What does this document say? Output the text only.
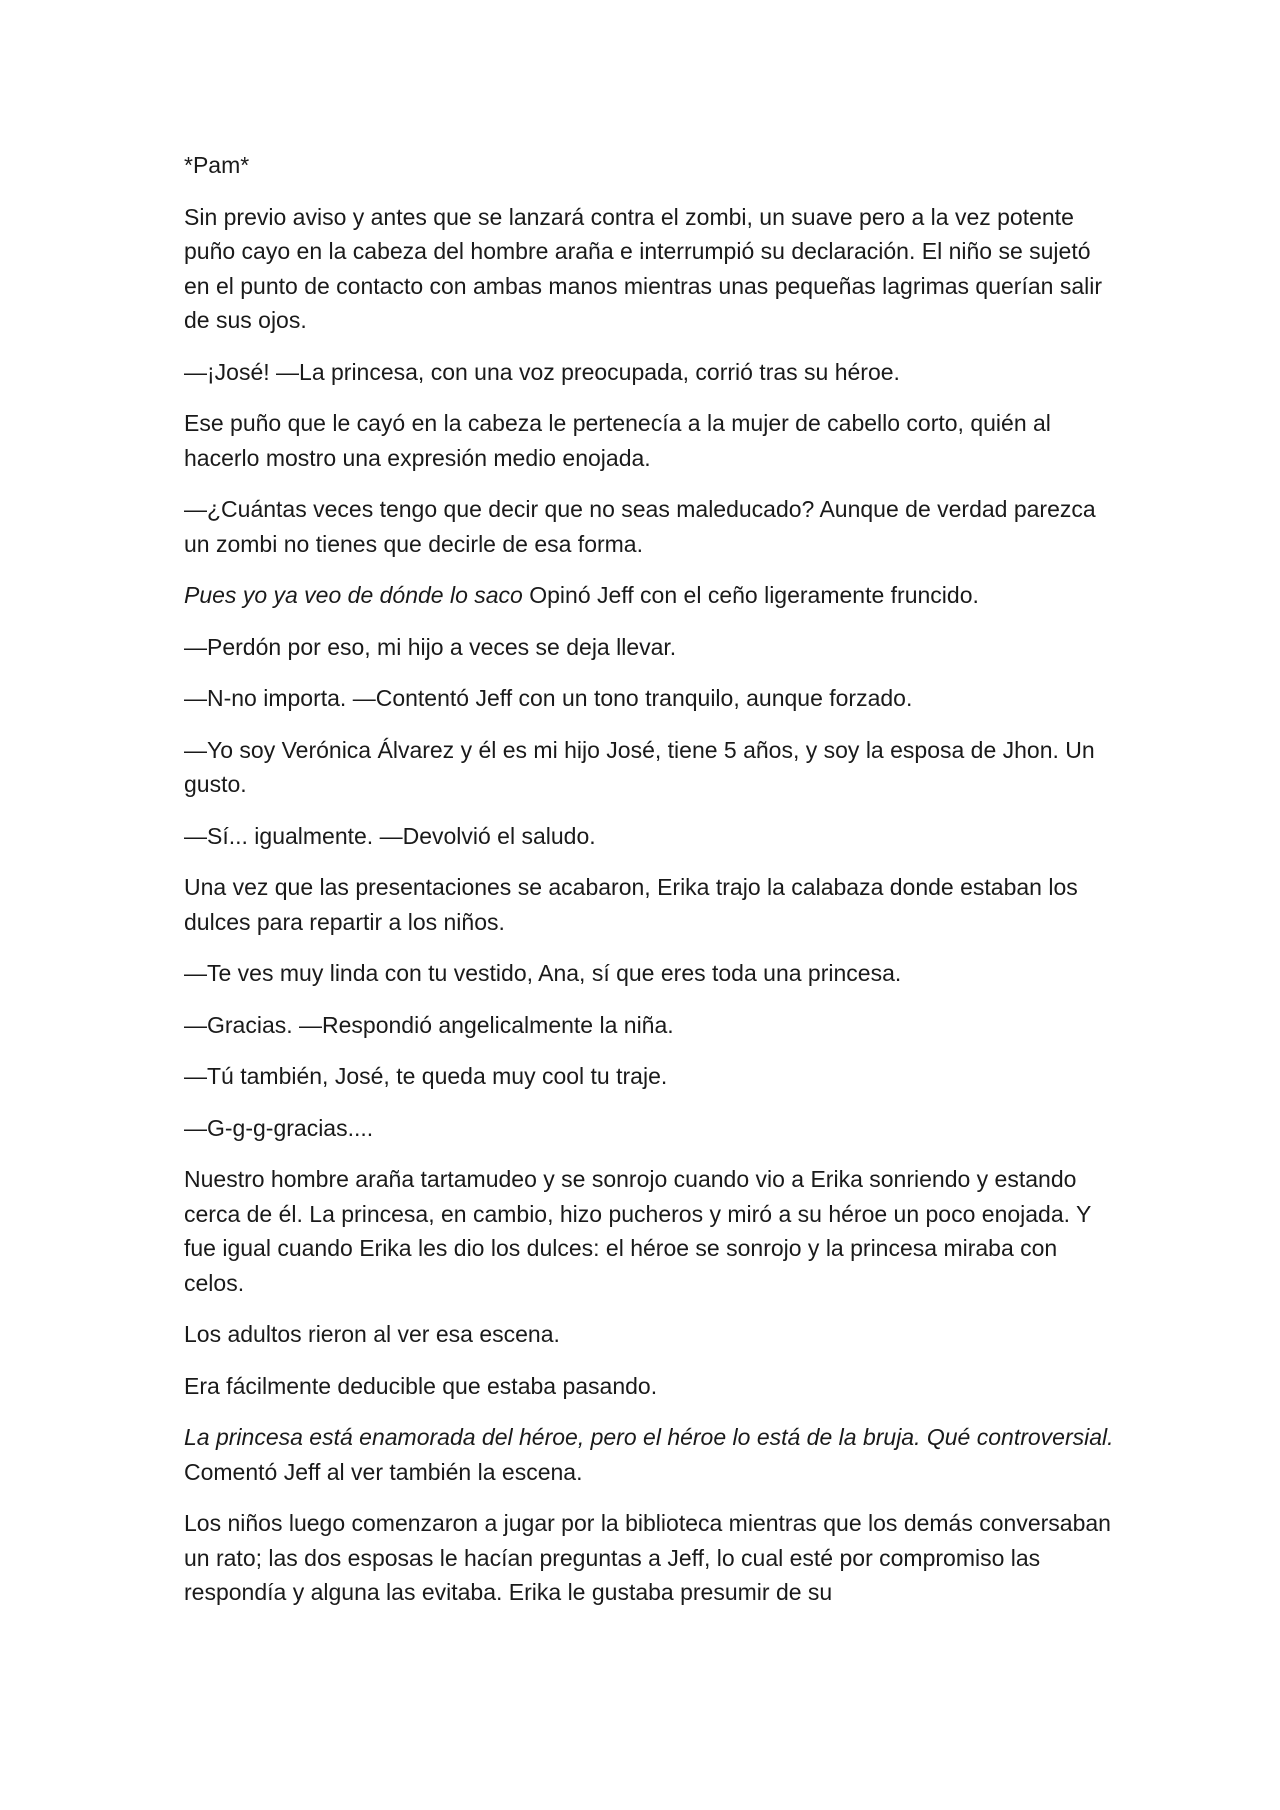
*Pam*

Sin previo aviso y antes que se lanzará contra el zombi, un suave pero a la vez potente puño cayo en la cabeza del hombre araña e interrumpió su declaración. El niño se sujetó en el punto de contacto con ambas manos mientras unas pequeñas lagrimas querían salir de sus ojos.

—¡José! —La princesa, con una voz preocupada, corrió tras su héroe.

Ese puño que le cayó en la cabeza le pertenecía a la mujer de cabello corto, quién al hacerlo mostro una expresión medio enojada.

—¿Cuántas veces tengo que decir que no seas maleducado? Aunque de verdad parezca un zombi no tienes que decirle de esa forma.

Pues yo ya veo de dónde lo saco Opinó Jeff con el ceño ligeramente fruncido.

—Perdón por eso, mi hijo a veces se deja llevar.

—N-no importa. —Contentó Jeff con un tono tranquilo, aunque forzado.

—Yo soy Verónica Álvarez y él es mi hijo José, tiene 5 años, y soy la esposa de Jhon. Un gusto.

—Sí... igualmente. —Devolvió el saludo.

Una vez que las presentaciones se acabaron, Erika trajo la calabaza donde estaban los dulces para repartir a los niños.

—Te ves muy linda con tu vestido, Ana, sí que eres toda una princesa.

—Gracias. —Respondió angelicalmente la niña.

—Tú también, José, te queda muy cool tu traje.

—G-g-g-gracias....

Nuestro hombre araña tartamudeo y se sonrojo cuando vio a Erika sonriendo y estando cerca de él. La princesa, en cambio, hizo pucheros y miró a su héroe un poco enojada. Y fue igual cuando Erika les dio los dulces: el héroe se sonrojo y la princesa miraba con celos.

Los adultos rieron al ver esa escena.

Era fácilmente deducible que estaba pasando.

La princesa está enamorada del héroe, pero el héroe lo está de la bruja. Qué controversial. Comentó Jeff al ver también la escena.

Los niños luego comenzaron a jugar por la biblioteca mientras que los demás conversaban un rato; las dos esposas le hacían preguntas a Jeff, lo cual esté por compromiso las respondía y alguna las evitaba. Erika le gustaba presumir de su
